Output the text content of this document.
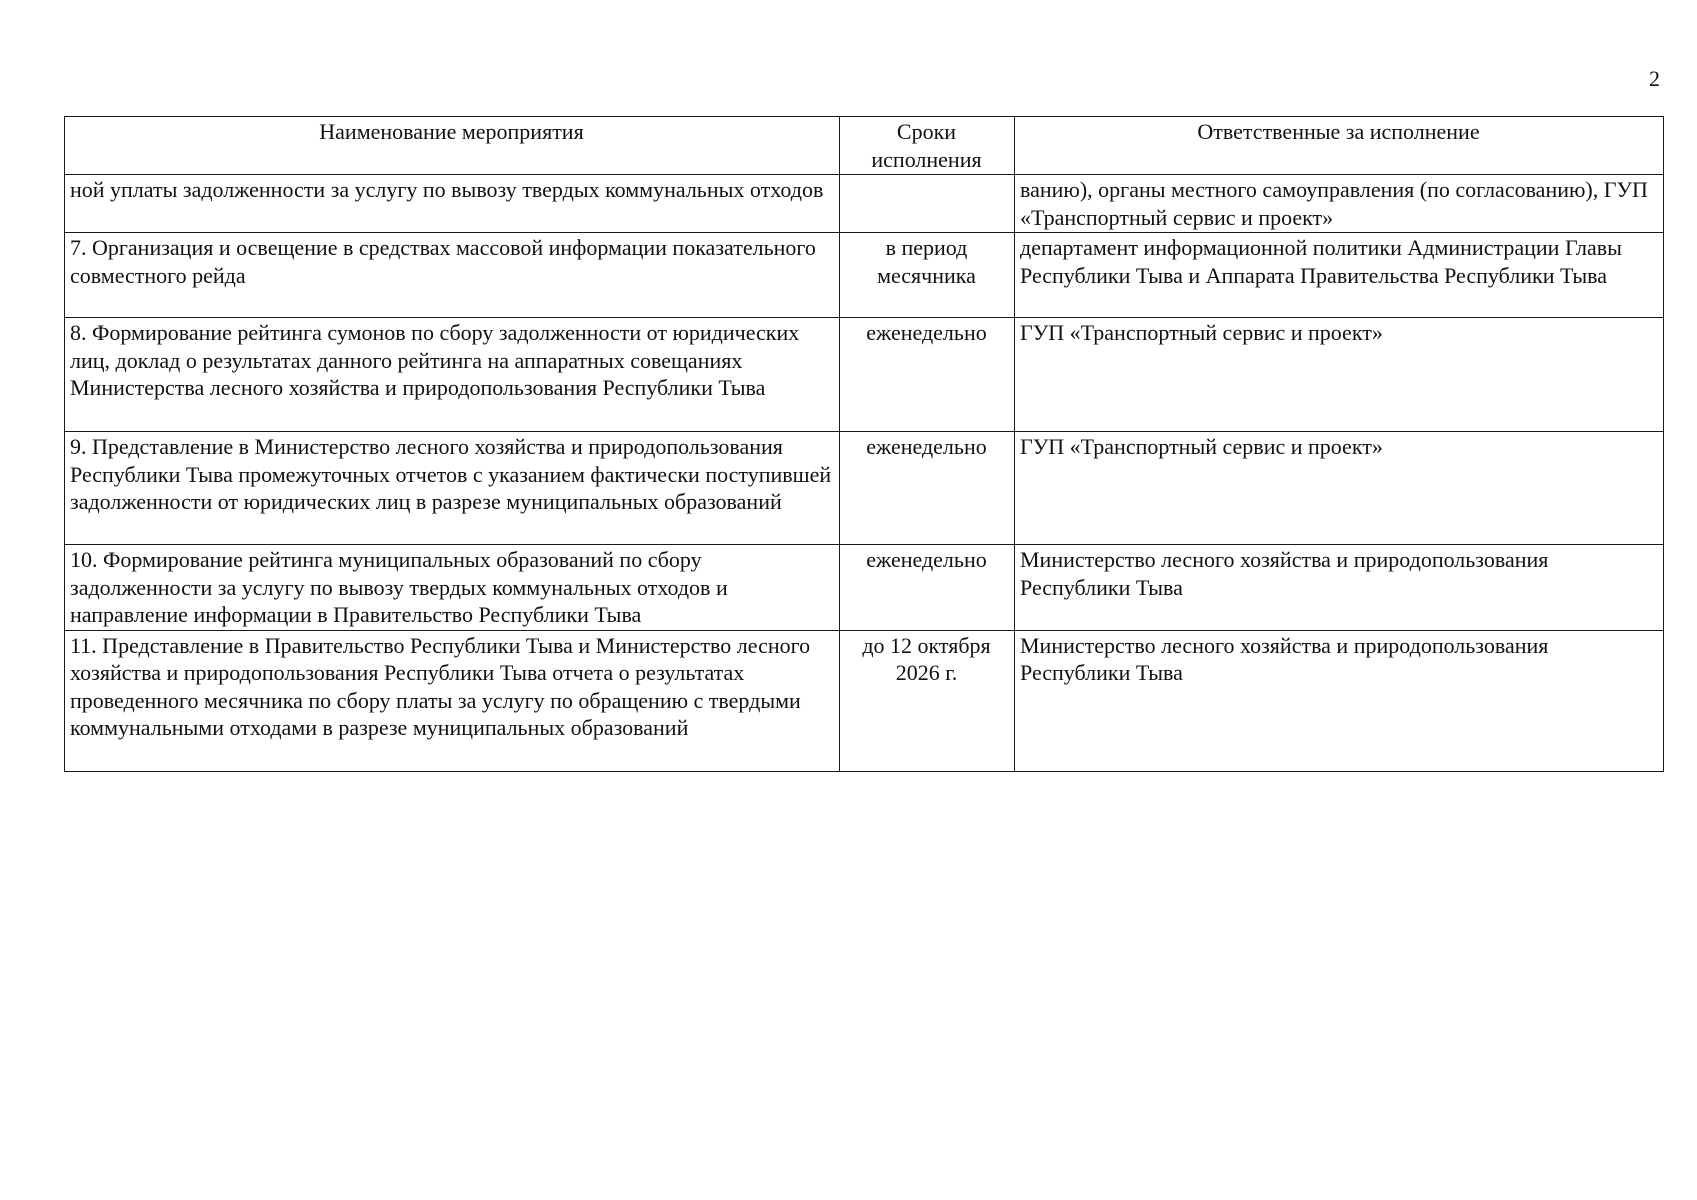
2
Наименование мероприятия	Сроки исполнения	Ответственные за исполнение
ной уплаты задолженности за услугу по вывозу твердых коммунальных отходов		ванию), органы местного самоуправления (по согласованию), ГУП «Транспортный сервис и проект»
7. Организация и освещение в средствах массовой информации показательного совместного рейда	в период месячника	департамент информационной политики Администрации Главы Республики Тыва и Аппарата Правительства Республики Тыва
8. Формирование рейтинга сумонов по сбору задолженности от юридических лиц, доклад о результатах данного рейтинга на аппаратных совещаниях Министерства лесного хозяйства и природопользования Республики Тыва	еженедельно	ГУП «Транспортный сервис и проект»
9. Представление в Министерство лесного хозяйства и природопользования Республики Тыва промежуточных отчетов с указанием фактически поступившей задолженности от юридических лиц в разрезе муниципальных образований	еженедельно	ГУП «Транспортный сервис и проект»
10. Формирование рейтинга муниципальных образований по сбору задолженности за услугу по вывозу твердых коммунальных отходов и направление информации в Правительство Республики Тыва	еженедельно	Министерство лесного хозяйства и природопользования Республики Тыва
11. Представление в Правительство Республики Тыва и Министерство лесного хозяйства и природопользования Республики Тыва отчета о результатах проведенного месячника по сбору платы за услугу по обращению с твердыми коммунальными отходами в разрезе муниципальных образований	до 12 октября 2026 г.	Министерство лесного хозяйства и природопользования Республики Тыва
